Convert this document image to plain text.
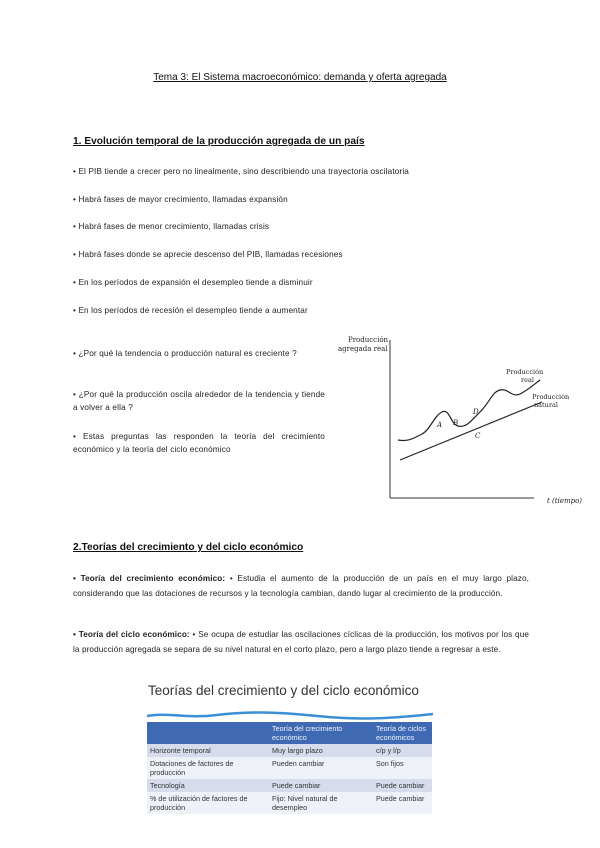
Tema 3: El Sistema macroeconómico: demanda y oferta agregada
1. Evolución temporal de la producción agregada de un país
• El PIB tiende a crecer pero no linealmente, sino describiendo una trayectoria oscilatoria
• Habrá fases de mayor crecimiento, llamadas expansión
• Habrá fases de menor crecimiento, llamadas crisis
• Habrá fases donde se aprecie descenso del PIB, llamadas recesiones
• En los períodos de expansión el desempleo tiende a disminuir
• En los períodos de recesión el desempleo tiende a aumentar
• ¿Por qué la tendencia o producción natural es creciente ?
• ¿Por qué la producción oscila alrededor de la tendencia y tiende a volver a ella ?
• Estas preguntas las responden la teoría del crecimiento económico y la teoría del ciclo económico
Producción
agregada real
t (tiempo)
A B
C
D
Producción
real
Producción
natural
2.Teorías del crecimiento y del ciclo económico
• Teoría del crecimiento económico: • Estudia el aumento de la producción de un país en el muy largo plazo, considerando que las dotaciones de recursos y la tecnología cambian, dando lugar al crecimiento de la producción.
• Teoría del ciclo económico: • Se ocupa de estudiar las oscilaciones cíclicas de la producción, los motivos por los que la producción agregada se separa de su nivel natural en el corto plazo, pero a largo plazo tiende a regresar a este.
Teorías del crecimiento y del ciclo económico
	Teoría del crecimiento económico	Teoría de ciclos económicos
Horizonte temporal	Muy largo plazo	c/p y l/p
Dotaciones de factores de producción	Pueden cambiar	Son fijos
Tecnología	Puede cambiar	Puede cambiar
% de utilización de factores de producción	Fijo: Nivel natural de desempleo	Puede cambiar
